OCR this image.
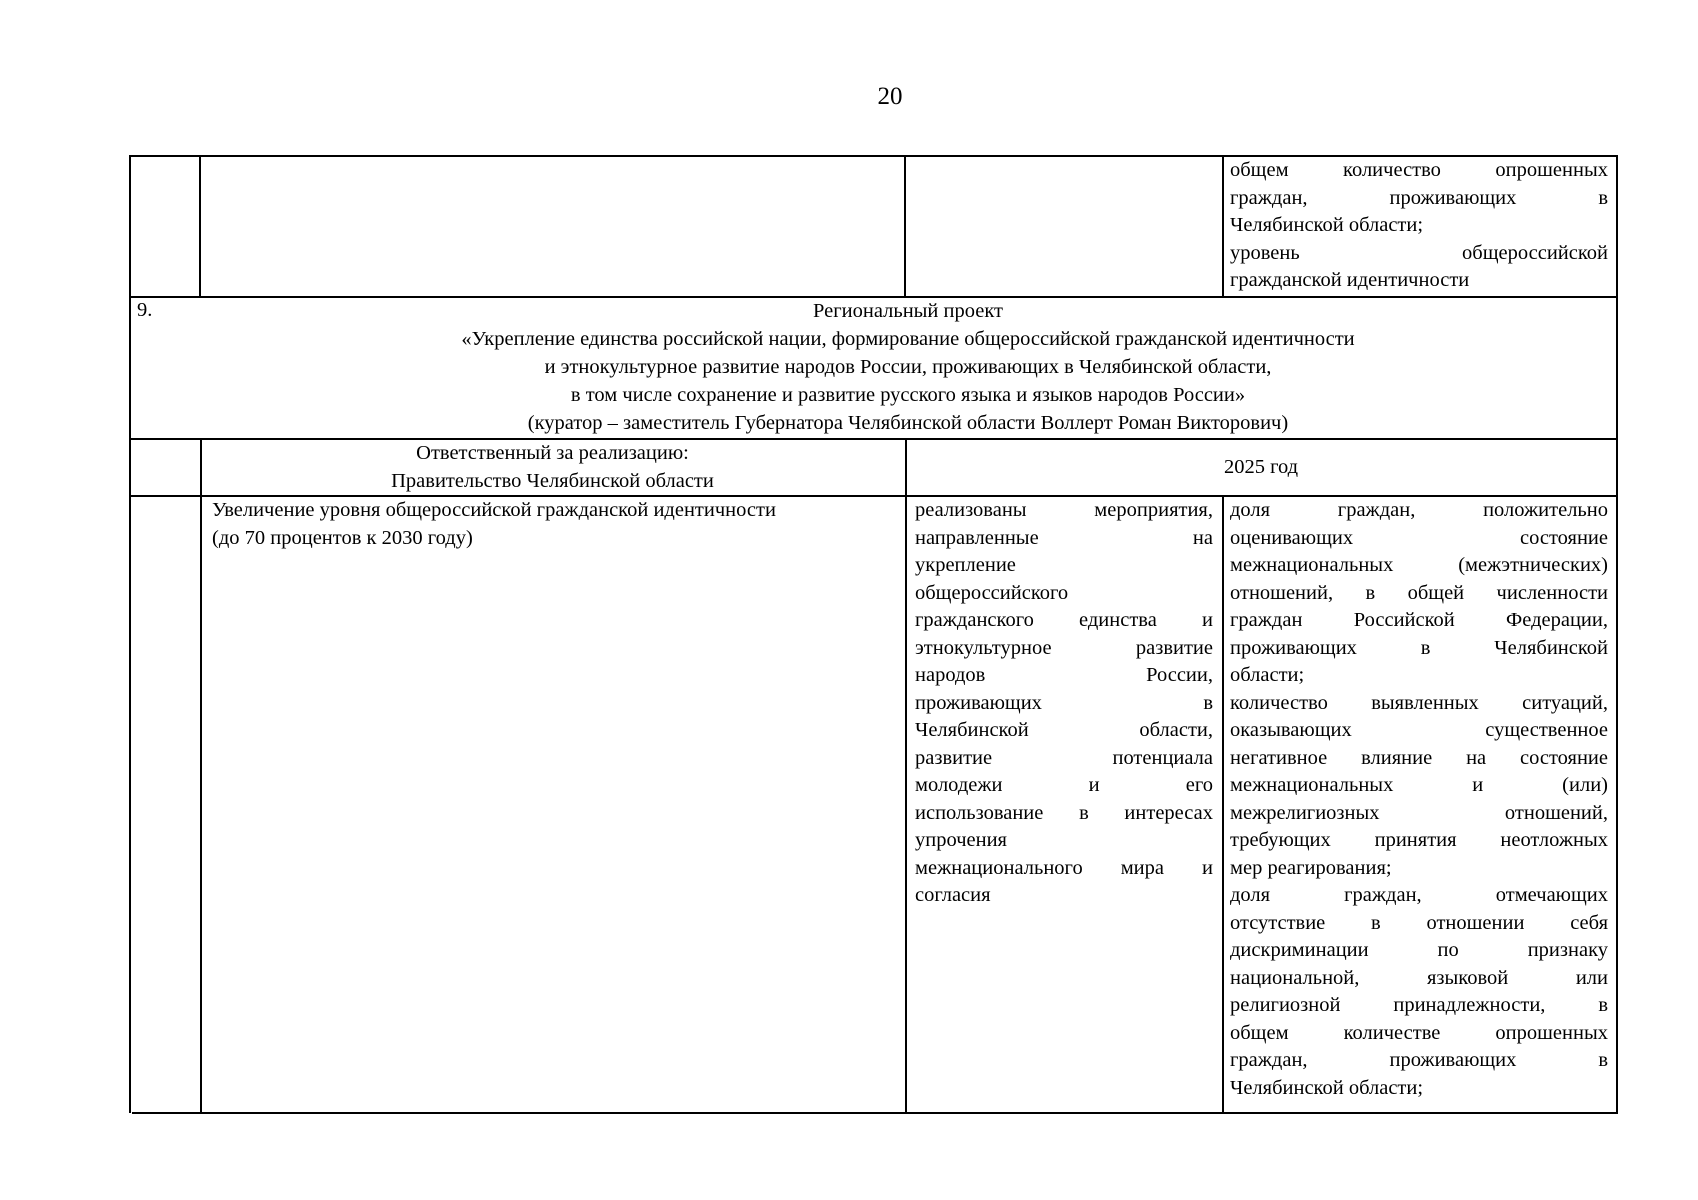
20
общем количество опрошенных
граждан, проживающих в
Челябинской области;
уровень общероссийской
гражданской идентичности
9.	Региональный проект
«Укрепление единства российской нации, формирование общероссийской гражданской идентичности
и этнокультурное развитие народов России, проживающих в Челябинской области,
в том числе сохранение и развитие русского языка и языков народов России»
(куратор – заместитель Губернатора Челябинской области Воллерт Роман Викторович)
Ответственный за реализацию:
Правительство Челябинской области
2025 год
Увеличение уровня общероссийской гражданской идентичности
(до 70 процентов к 2030 году)
реализованы мероприятия,
направленные на
укрепление
общероссийского
гражданского единства и
этнокультурное развитие
народов России,
проживающих в
Челябинской области,
развитие потенциала
молодежи и его
использование в интересах
упрочения
межнационального мира и
согласия
доля граждан, положительно
оценивающих состояние
межнациональных (межэтнических)
отношений, в общей численности
граждан Российской Федерации,
проживающих в Челябинской
области;
количество выявленных ситуаций,
оказывающих существенное
негативное влияние на состояние
межнациональных и (или)
межрелигиозных отношений,
требующих принятия неотложных
мер реагирования;
доля граждан, отмечающих
отсутствие в отношении себя
дискриминации по признаку
национальной, языковой или
религиозной принадлежности, в
общем количестве опрошенных
граждан, проживающих в
Челябинской области;
